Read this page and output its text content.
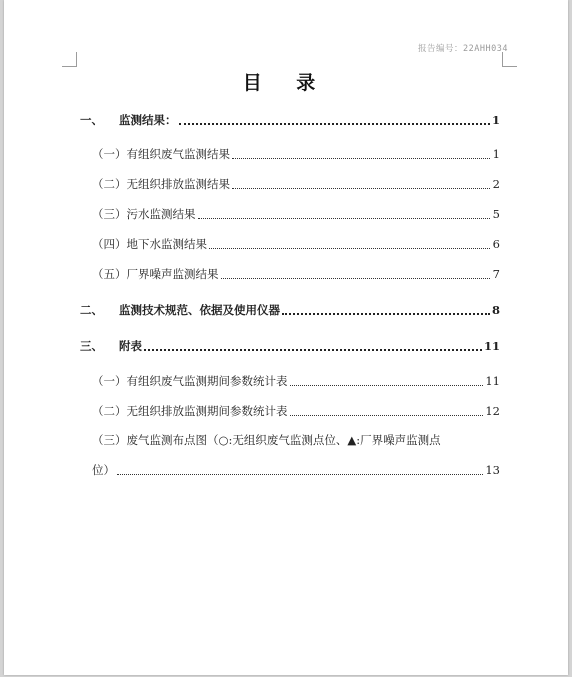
报告编号：22AHH034
目 录
一、 监测结果：	1
（一）有组织废气监测结果	1
（二）无组织排放监测结果	2
（三）污水监测结果	5
（四）地下水监测结果	6
（五）厂界噪声监测结果	7
二、 监测技术规范、依据及使用仪器	8
三、 附表	11
（一）有组织废气监测期间参数统计表	11
（二）无组织排放监测期间参数统计表	12
（三）废气监测布点图（○:无组织废气监测点位、▲:厂界噪声监测点
位）	13
